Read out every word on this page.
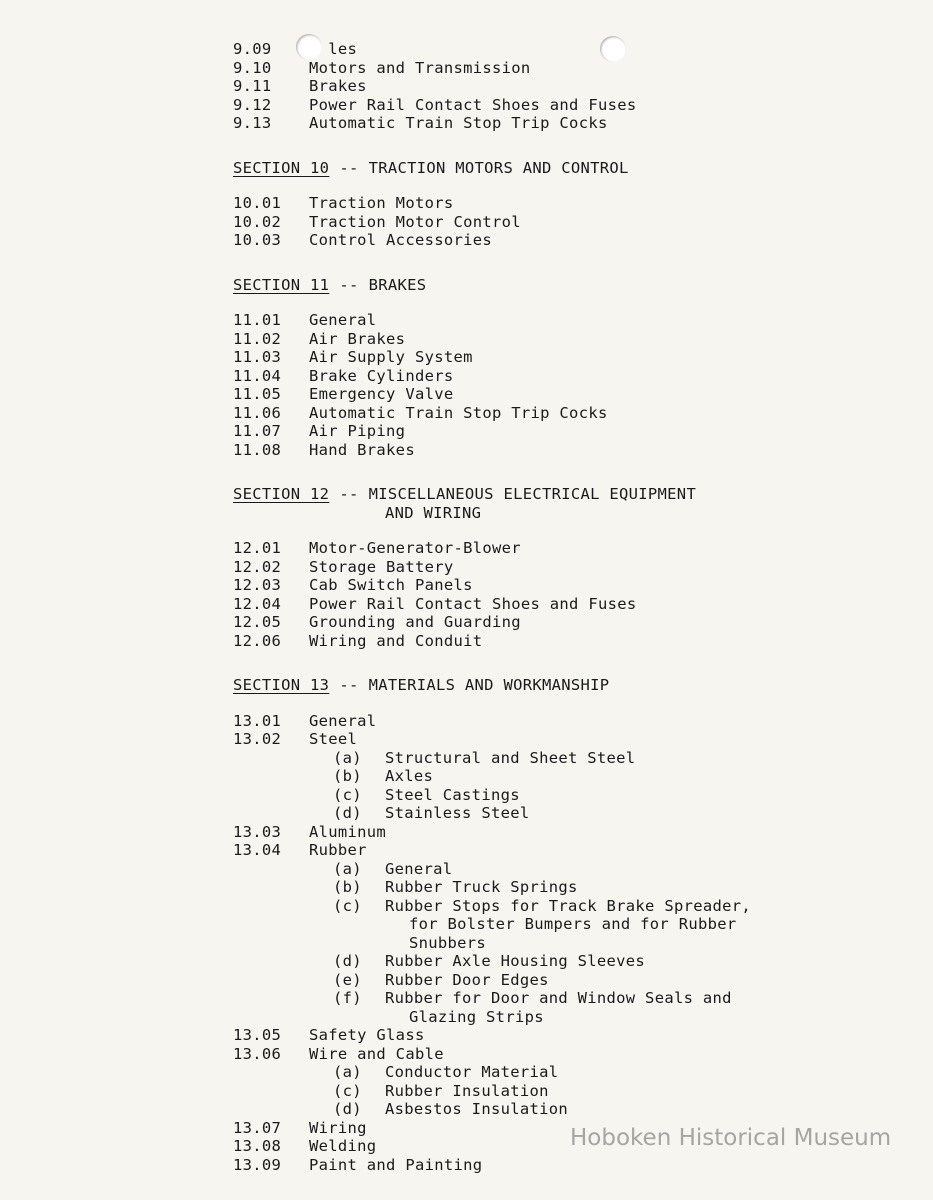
9.09	les
9.10	Motors and Transmission
9.11	Brakes
9.12	Power Rail Contact Shoes and Fuses
9.13	Automatic Train Stop Trip Cocks
SECTION 10 -- TRACTION MOTORS AND CONTROL
10.01	Traction Motors
10.02	Traction Motor Control
10.03	Control Accessories
SECTION 11 -- BRAKES
11.01	General
11.02	Air Brakes
11.03	Air Supply System
11.04	Brake Cylinders
11.05	Emergency Valve
11.06	Automatic Train Stop Trip Cocks
11.07	Air Piping
11.08	Hand Brakes
SECTION 12 -- MISCELLANEOUS ELECTRICAL EQUIPMENT
AND WIRING
12.01	Motor-Generator-Blower
12.02	Storage Battery
12.03	Cab Switch Panels
12.04	Power Rail Contact Shoes and Fuses
12.05	Grounding and Guarding
12.06	Wiring and Conduit
SECTION 13 -- MATERIALS AND WORKMANSHIP
13.01	General
13.02	Steel
(a)	Structural and Sheet Steel
(b)	Axles
(c)	Steel Castings
(d)	Stainless Steel
13.03	Aluminum
13.04	Rubber
(a)	General
(b)	Rubber Truck Springs
(c)	Rubber Stops for Track Brake Spreader,
for Bolster Bumpers and for Rubber
Snubbers
(d)	Rubber Axle Housing Sleeves
(e)	Rubber Door Edges
(f)	Rubber for Door and Window Seals and
Glazing Strips
13.05	Safety Glass
13.06	Wire and Cable
(a)	Conductor Material
(c)	Rubber Insulation
(d)	Asbestos Insulation
13.07	Wiring
13.08	Welding
13.09	Paint and Painting
Hoboken Historical Museum
